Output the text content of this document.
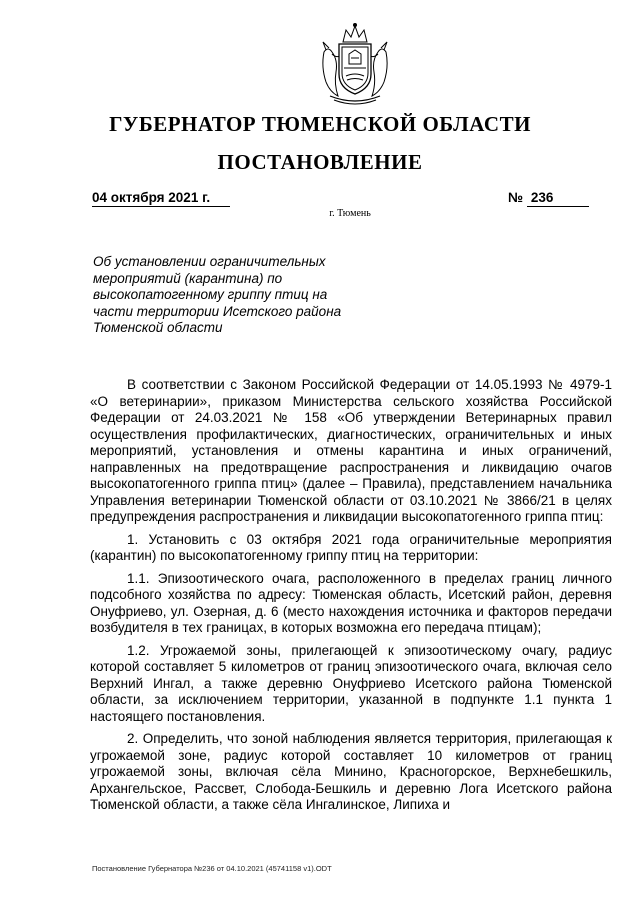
ГУБЕРНАТОР ТЮМЕНСКОЙ ОБЛАСТИ
ПОСТАНОВЛЕНИЕ
04 октября 2021 г.	№ 236
г. Тюмень
Об установлении ограничительных мероприятий (карантина) по высокопатогенному гриппу птиц на части территории Исетского района Тюменской области

В соответствии с Законом Российской Федерации от 14.05.1993 № 4979-1 «О ветеринарии», приказом Министерства сельского хозяйства Российской Федерации от 24.03.2021 № 158 «Об утверждении Ветеринарных правил осуществления профилактических, диагностических, ограничительных и иных мероприятий, установления и отмены карантина и иных ограничений, направленных на предотвращение распространения и ликвидацию очагов высокопатогенного гриппа птиц» (далее – Правила), представлением начальника Управления ветеринарии Тюменской области от 03.10.2021 № 3866/21 в целях предупреждения распространения и ликвидации высокопатогенного гриппа птиц:

1. Установить с 03 октября 2021 года ограничительные мероприятия (карантин) по высокопатогенному гриппу птиц на территории:

1.1. Эпизоотического очага, расположенного в пределах границ личного подсобного хозяйства по адресу: Тюменская область, Исетский район, деревня Онуфриево, ул. Озерная, д. 6 (место нахождения источника и факторов передачи возбудителя в тех границах, в которых возможна его передача птицам);

1.2. Угрожаемой зоны, прилегающей к эпизоотическому очагу, радиус которой составляет 5 километров от границ эпизоотического очага, включая село Верхний Ингал, а также деревню Онуфриево Исетского района Тюменской области, за исключением территории, указанной в подпункте 1.1 пункта 1 настоящего постановления.

2. Определить, что зоной наблюдения является территория, прилегающая к угрожаемой зоне, радиус которой составляет 10 километров от границ угрожаемой зоны, включая сёла Минино, Красногорское, Верхнебешкиль, Архангельское, Рассвет, Слобода-Бешкиль и деревню Лога Исетского района Тюменской области, а также сёла Ингалинское, Липиха и

Постановление Губернатора №236 от 04.10.2021 (45741158 v1).ODT
